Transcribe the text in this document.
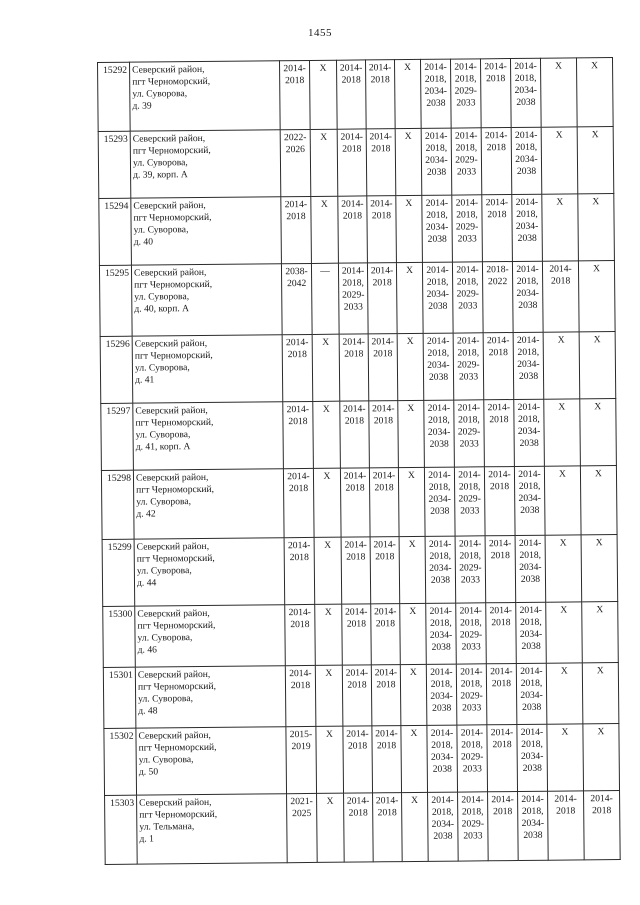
1455
15292	Северский район,
пгт Черноморский,
ул. Суворова,
д. 39	2014-
2018	X	2014-
2018	2014-
2018	X	2014-
2018,
2034-
2038	2014-
2018,
2029-
2033	2014-
2018	2014-
2018,
2034-
2038	X	X
15293	Северский район,
пгт Черноморский,
ул. Суворова,
д. 39, корп. А	2022-
2026	X	2014-
2018	2014-
2018	X	2014-
2018,
2034-
2038	2014-
2018,
2029-
2033	2014-
2018	2014-
2018,
2034-
2038	X	X
15294	Северский район,
пгт Черноморский,
ул. Суворова,
д. 40	2014-
2018	X	2014-
2018	2014-
2018	X	2014-
2018,
2034-
2038	2014-
2018,
2029-
2033	2014-
2018	2014-
2018,
2034-
2038	X	X
15295	Северский район,
пгт Черноморский,
ул. Суворова,
д. 40, корп. А	2038-
2042	—	2014-
2018,
2029-
2033	2014-
2018	X	2014-
2018,
2034-
2038	2014-
2018,
2029-
2033	2018-
2022	2014-
2018,
2034-
2038	2014-
2018	X
15296	Северский район,
пгт Черноморский,
ул. Суворова,
д. 41	2014-
2018	X	2014-
2018	2014-
2018	X	2014-
2018,
2034-
2038	2014-
2018,
2029-
2033	2014-
2018	2014-
2018,
2034-
2038	X	X
15297	Северский район,
пгт Черноморский,
ул. Суворова,
д. 41, корп. А	2014-
2018	X	2014-
2018	2014-
2018	X	2014-
2018,
2034-
2038	2014-
2018,
2029-
2033	2014-
2018	2014-
2018,
2034-
2038	X	X
15298	Северский район,
пгт Черноморский,
ул. Суворова,
д. 42	2014-
2018	X	2014-
2018	2014-
2018	X	2014-
2018,
2034-
2038	2014-
2018,
2029-
2033	2014-
2018	2014-
2018,
2034-
2038	X	X
15299	Северский район,
пгт Черноморский,
ул. Суворова,
д. 44	2014-
2018	X	2014-
2018	2014-
2018	X	2014-
2018,
2034-
2038	2014-
2018,
2029-
2033	2014-
2018	2014-
2018,
2034-
2038	X	X
15300	Северский район,
пгт Черноморский,
ул. Суворова,
д. 46	2014-
2018	X	2014-
2018	2014-
2018	X	2014-
2018,
2034-
2038	2014-
2018,
2029-
2033	2014-
2018	2014-
2018,
2034-
2038	X	X
15301	Северский район,
пгт Черноморский,
ул. Суворова,
д. 48	2014-
2018	X	2014-
2018	2014-
2018	X	2014-
2018,
2034-
2038	2014-
2018,
2029-
2033	2014-
2018	2014-
2018,
2034-
2038	X	X
15302	Северский район,
пгт Черноморский,
ул. Суворова,
д. 50	2015-
2019	X	2014-
2018	2014-
2018	X	2014-
2018,
2034-
2038	2014-
2018,
2029-
2033	2014-
2018	2014-
2018,
2034-
2038	X	X
15303	Северский район,
пгт Черноморский,
ул. Тельмана,
д. 1	2021-
2025	X	2014-
2018	2014-
2018	X	2014-
2018,
2034-
2038	2014-
2018,
2029-
2033	2014-
2018	2014-
2018,
2034-
2038	2014-
2018	2014-
2018
